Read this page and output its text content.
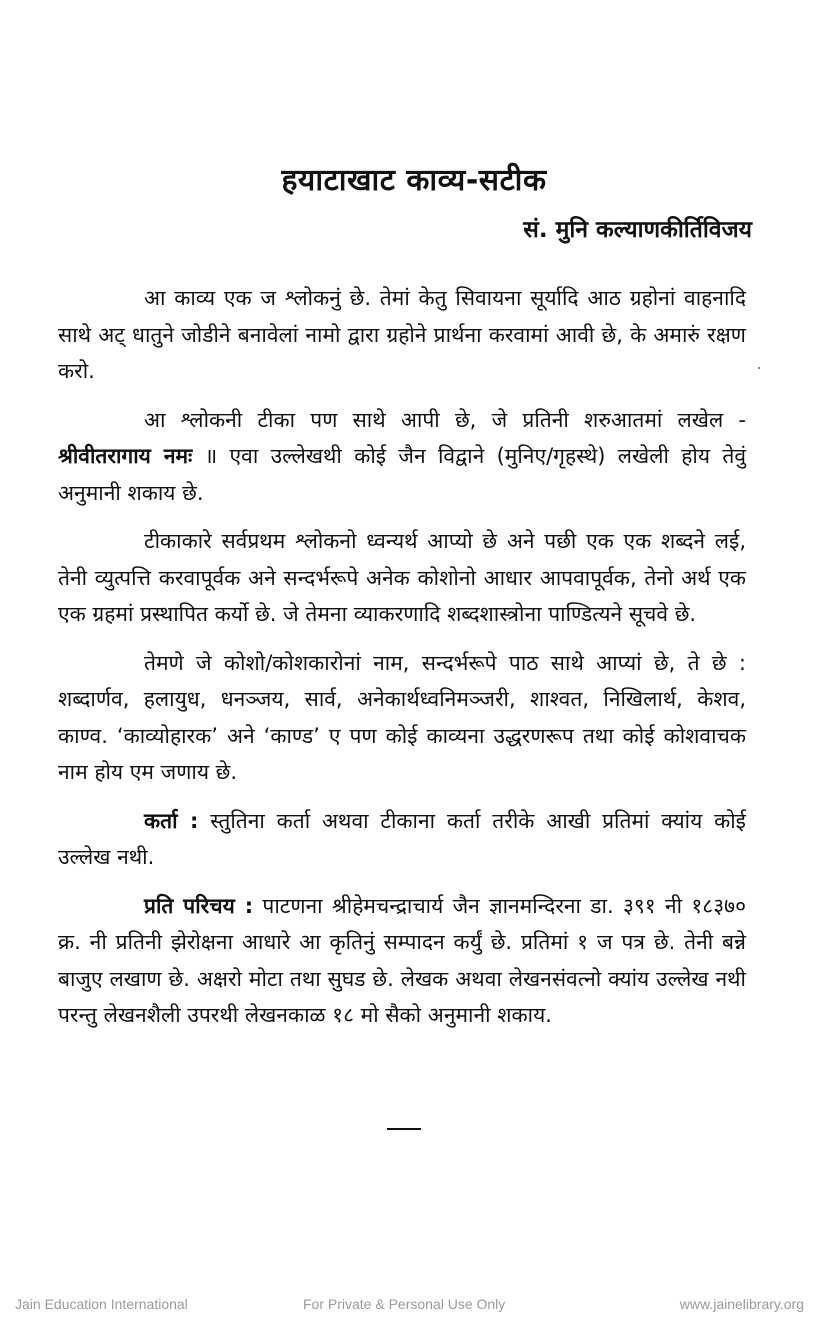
हयाटाखाट काव्य-सटीक
सं. मुनि कल्याणकीर्तिविजय

आ काव्य एक ज श्लोकनुं छे. तेमां केतु सिवायना सूर्यादि आठ ग्रहोनां वाहनादि साथे अट् धातुने जोडीने बनावेलां नामो द्वारा ग्रहोने प्रार्थना करवामां आवी छे, के अमारुं रक्षण करो.

आ श्लोकनी टीका पण साथे आपी छे, जे प्रतिनी शरुआतमां लखेल - श्रीवीतरागाय नमः ॥ एवा उल्लेखथी कोई जैन विद्वाने (मुनिए/गृहस्थे) लखेली होय तेवुं अनुमानी शकाय छे.

टीकाकारे सर्वप्रथम श्लोकनो ध्वन्यर्थ आप्यो छे अने पछी एक एक शब्दने लई, तेनी व्युत्पत्ति करवापूर्वक अने सन्दर्भरूपे अनेक कोशोनो आधार आपवापूर्वक, तेनो अर्थ एक एक ग्रहमां प्रस्थापित कर्यो छे. जे तेमना व्याकरणादि शब्दशास्त्रोना पाण्डित्यने सूचवे छे.

तेमणे जे कोशो/कोशकारोनां नाम, सन्दर्भरूपे पाठ साथे आप्यां छे, ते छे : शब्दार्णव, हलायुध, धनञ्जय, सार्व, अनेकार्थध्वनिमञ्जरी, शाश्वत, निखिलार्थ, केशव, काण्व. ‘काव्योहारक’ अने ‘काण्ड’ ए पण कोई काव्यना उद्धरणरूप तथा कोई कोशवाचक नाम होय एम जणाय छे.

कर्ता : स्तुतिना कर्ता अथवा टीकाना कर्ता तरीके आखी प्रतिमां क्यांय कोई उल्लेख नथी.

प्रति परिचय : पाटणना श्रीहेमचन्द्राचार्य जैन ज्ञानमन्दिरना डा. ३९१ नी १८३७० क्र. नी प्रतिनी झेरोक्षना आधारे आ कृतिनुं सम्पादन कर्युं छे. प्रतिमां १ ज पत्र छे. तेनी बन्ने बाजुए लखाण छे. अक्षरो मोटा तथा सुघड छे. लेखक अथवा लेखनसंवत्नो क्यांय उल्लेख नथी परन्तु लेखनशैली उपरथी लेखनकाळ १८ मो सैको अनुमानी शकाय.

Jain Education International	For Private & Personal Use Only	www.jainelibrary.org
